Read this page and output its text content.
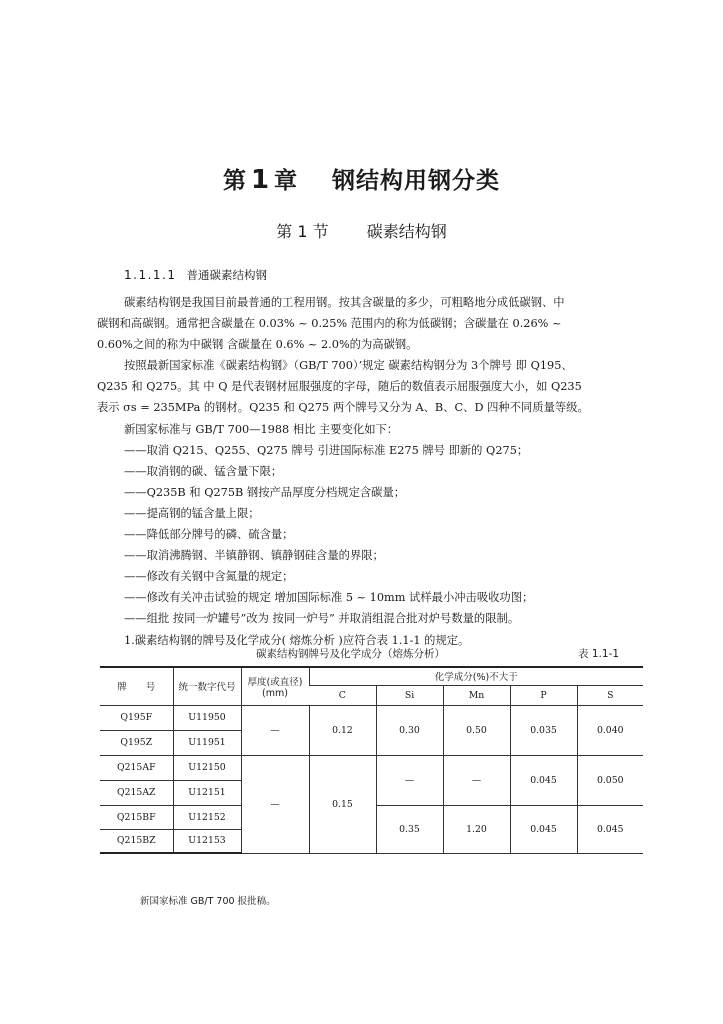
第 1 章 钢结构用钢分类
第 1 节 碳素结构钢
1.1.1.1 普通碳素结构钢
碳素结构钢是我国目前最普通的工程用钢。按其含碳量的多少，可粗略地分成低碳钢、中
碳钢和高碳钢。通常把含碳量在 0.03% ~ 0.25% 范围内的称为低碳钢；含碳量在 0.26% ~
0.60%之间的称为中碳钢 含碳量在 0.6% ~ 2.0%的为高碳钢。
按照最新国家标准《碳素结构钢》（GB/T 700）’规定 碳素结构钢分为 3个牌号 即 Q195、
Q235 和 Q275。其 中 Q 是代表钢材屈服强度的字母，随后的数值表示屈服强度大小，如 Q235
表示 σs = 235MPa 的钢材。Q235 和 Q275 两个牌号又分为 A、B、C、D 四种不同质量等级。
新国家标准与 GB/T 700—1988 相比 主要变化如下：
——取消 Q215、Q255、Q275 牌号 引进国际标准 E275 牌号 即新的 Q275；
——取消钢的碳、锰含量下限；
——Q235B 和 Q275B 钢按产品厚度分档规定含碳量；
——提高钢的锰含量上限；
——降低部分牌号的磷、硫含量；
——取消沸腾钢、半镇静钢、镇静钢硅含量的界限；
——修改有关钢中含氮量的规定；
——修改有关冲击试验的规定 增加国际标准 5 ~ 10mm 试样最小冲击吸收功图；
——组批 按同一炉罐号”改为 按同一炉号” 并取消组混合批对炉号数量的限制。
1.碳素结构钢的牌号及化学成分( 熔炼分析 )应符合表 1.1-1 的规定。
碳素结构钢牌号及化学成分（熔炼分析）	表 1.1-1
牌　　号	统一数字代号	厚度(或直径)
(mm)	化学成分(%)不大于				
			C	Si	Mn	P	S
Q195F	U11950	—	0.12	0.30	0.50	0.035	0.040
Q195Z	U11951						
Q215AF	U12150	—	0.15	—	—	0.045	0.050
Q215AZ	U12151						
Q215BF	U12152			0.35	1.20	0.045	0.045
Q215BZ	U12153						
新国家标准 GB/T 700 报批稿。
